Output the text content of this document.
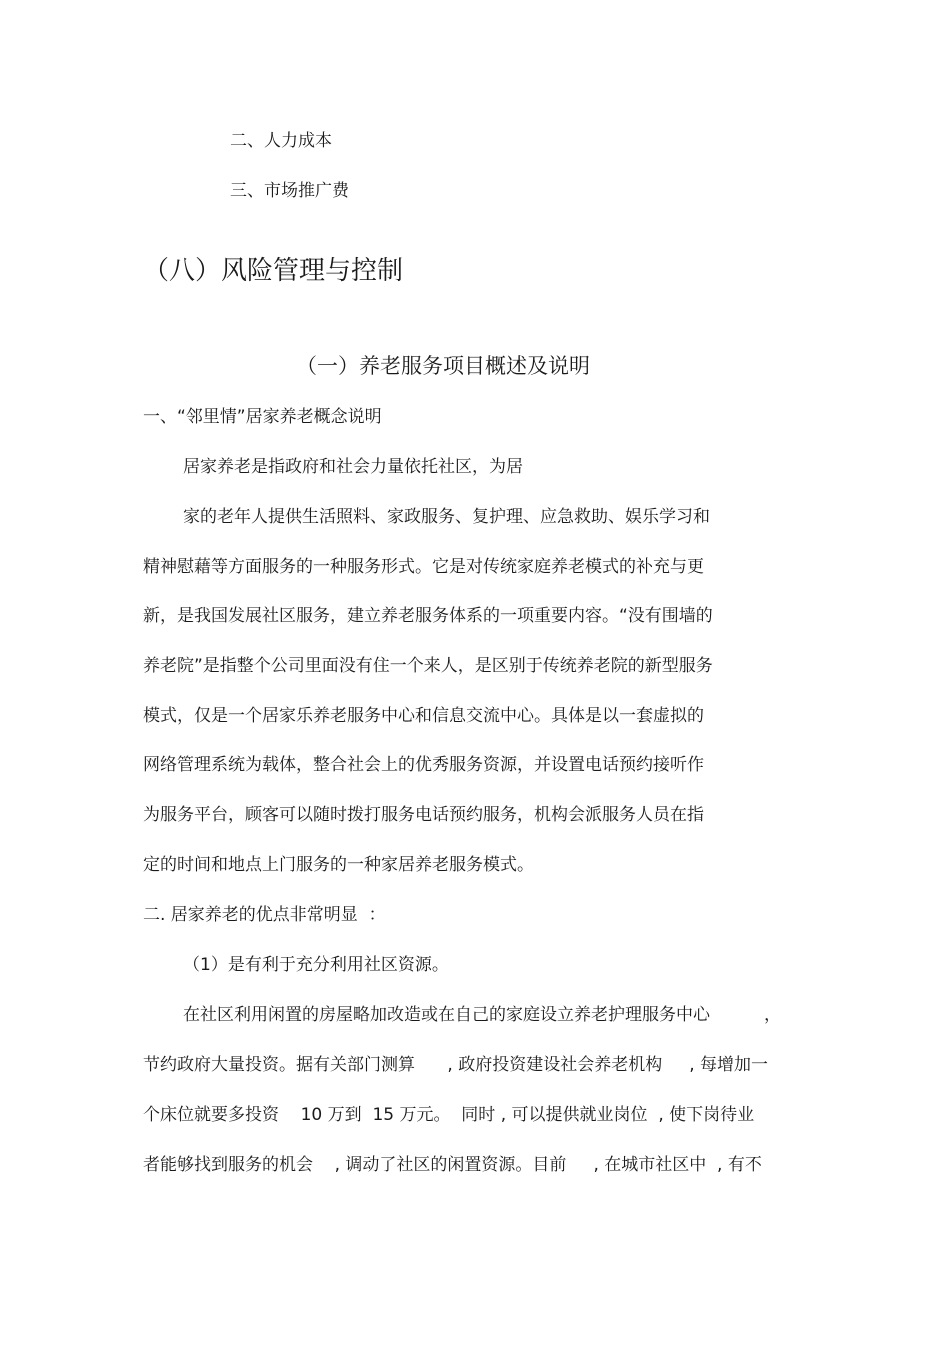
二、人力成本
三、市场推广费
（八）风险管理与控制
（一）养老服务项目概述及说明
一、“邻里情”居家养老概念说明
居家养老是指政府和社会力量依托社区，为居
家的老年人提供生活照料、家政服务、复护理、应急救助、娱乐学习和
精神慰藉等方面服务的一种服务形式。它是对传统家庭养老模式的补充与更
新，是我国发展社区服务，建立养老服务体系的一项重要内容。“没有围墙的
养老院”是指整个公司里面没有住一个来人，是区别于传统养老院的新型服务
模式，仅是一个居家乐养老服务中心和信息交流中心。具体是以一套虚拟的
网络管理系统为载体，整合社会上的优秀服务资源，并设置电话预约接听作
为服务平台，顾客可以随时拨打服务电话预约服务，机构会派服务人员在指
定的时间和地点上门服务的一种家居养老服务模式。
二. 居家养老的优点非常明显  ：
（1）是有利于充分利用社区资源。
在社区利用闲置的房屋略加改造或在自己的家庭设立养老护理服务中心          ，
节约政府大量投资。据有关部门测算      , 政府投资建设社会养老机构     , 每增加一
个床位就要多投资    10 万到  15 万元。  同时 , 可以提供就业岗位  , 使下岗待业
者能够找到服务的机会    , 调动了社区的闲置资源。目前     , 在城市社区中  , 有不
